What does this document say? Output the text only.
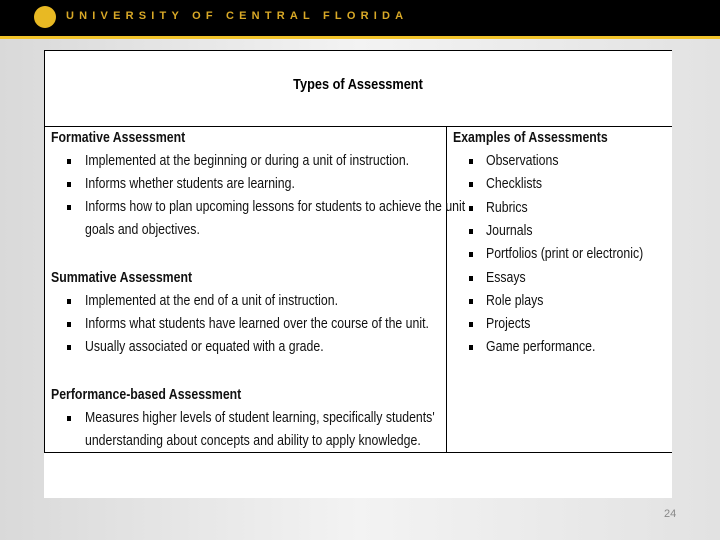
UNIVERSITY OF CENTRAL FLORIDA
Types of Assessment
Formative Assessment
Implemented at the beginning or during a unit of instruction.
Informs whether students are learning.
Informs how to plan upcoming lessons for students to achieve the unit
goals and objectives.
Summative Assessment
Implemented at the end of a unit of instruction.
Informs what students have learned over the course of the unit.
Usually associated or equated with a grade.
Performance-based Assessment
Measures higher levels of student learning, specifically students'
understanding about concepts and ability to apply knowledge.
Examples of Assessments
Observations
Checklists
Rubrics
Journals
Portfolios (print or electronic)
Essays
Role plays
Projects
Game performance.
24
